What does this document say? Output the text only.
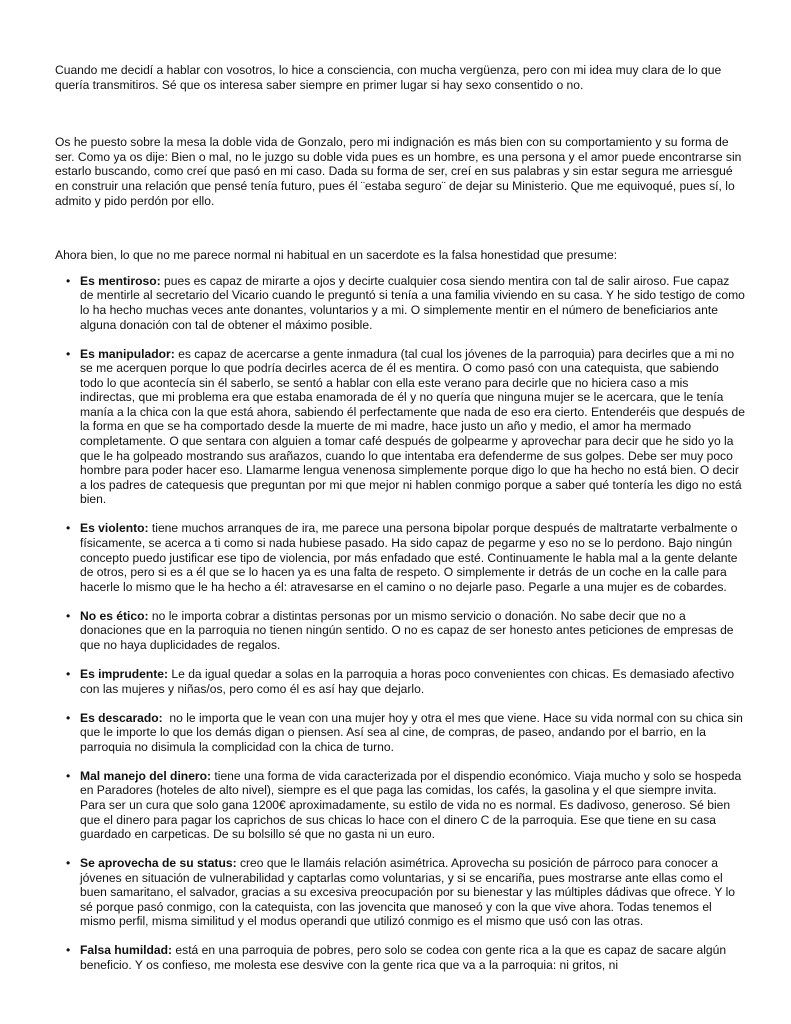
Cuando me decidí a hablar con vosotros, lo hice a consciencia, con mucha vergüenza, pero con mi idea muy clara de lo que quería transmitiros. Sé que os interesa saber siempre en primer lugar si hay sexo consentido o no.

Os he puesto sobre la mesa la doble vida de Gonzalo, pero mi indignación es más bien con su comportamiento y su forma de ser. Como ya os dije: Bien o mal, no le juzgo su doble vida pues es un hombre, es una persona y el amor puede encontrarse sin estarlo buscando, como creí que pasó en mi caso. Dada su forma de ser, creí en sus palabras y sin estar segura me arriesgué en construir una relación que pensé tenía futuro, pues él ¨estaba seguro¨ de dejar su Ministerio. Que me equivoqué, pues sí, lo admito y pido perdón por ello.

Ahora bien, lo que no me parece normal ni habitual en un sacerdote es la falsa honestidad que presume:

• Es mentiroso: pues es capaz de mirarte a ojos y decirte cualquier cosa siendo mentira con tal de salir airoso. Fue capaz de mentirle al secretario del Vicario cuando le preguntó si tenía a una familia viviendo en su casa. Y he sido testigo de como lo ha hecho muchas veces ante donantes, voluntarios y a mi. O simplemente mentir en el número de beneficiarios ante alguna donación con tal de obtener el máximo posible.
• Es manipulador: es capaz de acercarse a gente inmadura (tal cual los jóvenes de la parroquia) para decirles que a mi no se me acerquen porque lo que podría decirles acerca de él es mentira. O como pasó con una catequista, que sabiendo todo lo que acontecía sin él saberlo, se sentó a hablar con ella este verano para decirle que no hiciera caso a mis indirectas, que mi problema era que estaba enamorada de él y no quería que ninguna mujer se le acercara, que le tenía manía a la chica con la que está ahora, sabiendo él perfectamente que nada de eso era cierto. Entenderéis que después de la forma en que se ha comportado desde la muerte de mi madre, hace justo un año y medio, el amor ha mermado completamente. O que sentara con alguien a tomar café después de golpearme y aprovechar para decir que he sido yo la que le ha golpeado mostrando sus arañazos, cuando lo que intentaba era defenderme de sus golpes. Debe ser muy poco hombre para poder hacer eso. Llamarme lengua venenosa simplemente porque digo lo que ha hecho no está bien. O decir a los padres de catequesis que preguntan por mi que mejor ni hablen conmigo porque a saber qué tontería les digo no está bien.
• Es violento: tiene muchos arranques de ira, me parece una persona bipolar porque después de maltratarte verbalmente o físicamente, se acerca a ti como si nada hubiese pasado. Ha sido capaz de pegarme y eso no se lo perdono. Bajo ningún concepto puedo justificar ese tipo de violencia, por más enfadado que esté. Continuamente le habla mal a la gente delante de otros, pero si es a él que se lo hacen ya es una falta de respeto. O simplemente ir detrás de un coche en la calle para hacerle lo mismo que le ha hecho a él: atravesarse en el camino o no dejarle paso. Pegarle a una mujer es de cobardes.
• No es ético: no le importa cobrar a distintas personas por un mismo servicio o donación. No sabe decir que no a donaciones que en la parroquia no tienen ningún sentido. O no es capaz de ser honesto antes peticiones de empresas de que no haya duplicidades de regalos.
• Es imprudente: Le da igual quedar a solas en la parroquia a horas poco convenientes con chicas. Es demasiado afectivo con las mujeres y niñas/os, pero como él es así hay que dejarlo.
• Es descarado:  no le importa que le vean con una mujer hoy y otra el mes que viene. Hace su vida normal con su chica sin que le importe lo que los demás digan o piensen. Así sea al cine, de compras, de paseo, andando por el barrio, en la parroquia no disimula la complicidad con la chica de turno.
• Mal manejo del dinero: tiene una forma de vida caracterizada por el dispendio económico. Viaja mucho y solo se hospeda en Paradores (hoteles de alto nivel), siempre es el que paga las comidas, los cafés, la gasolina y el que siempre invita. Para ser un cura que solo gana 1200€ aproximadamente, su estilo de vida no es normal. Es dadivoso, generoso. Sé bien que el dinero para pagar los caprichos de sus chicas lo hace con el dinero C de la parroquia. Ese que tiene en su casa guardado en carpeticas. De su bolsillo sé que no gasta ni un euro.
• Se aprovecha de su status: creo que le llamáis relación asimétrica. Aprovecha su posición de párroco para conocer a jóvenes en situación de vulnerabilidad y captarlas como voluntarias, y si se encariña, pues mostrarse ante ellas como el buen samaritano, el salvador, gracias a su excesiva preocupación por su bienestar y las múltiples dádivas que ofrece. Y lo sé porque pasó conmigo, con la catequista, con las jovencita que manoseó y con la que vive ahora. Todas tenemos el mismo perfil, misma similitud y el modus operandi que utilizó conmigo es el mismo que usó con las otras.
• Falsa humildad: está en una parroquia de pobres, pero solo se codea con gente rica a la que es capaz de sacare algún beneficio. Y os confieso, me molesta ese desvive con la gente rica que va a la parroquia: ni gritos, ni
